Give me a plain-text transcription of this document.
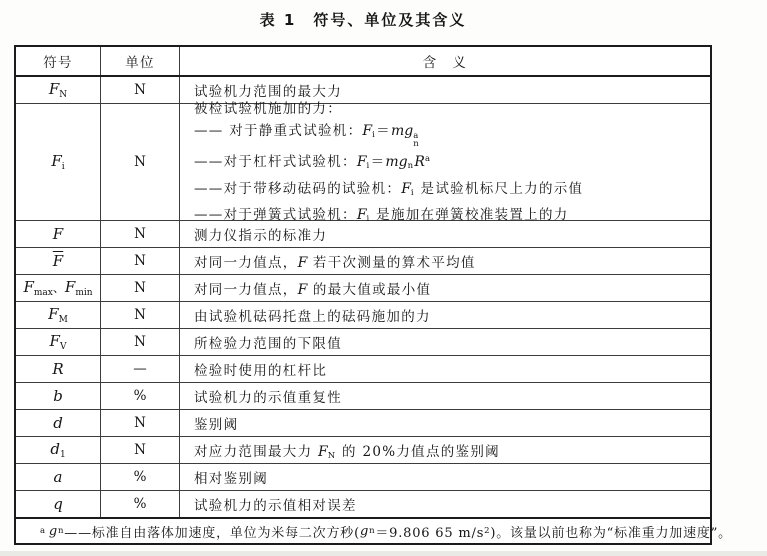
表 1　符号、单位及其含义
符号	单位	含　义
$F_N$	N	试验机力范围的最大力
$F_i$	N
被检试验机施加的力：
—— 对于静重式试验机：$F_i=mg$ a
n
——对于杠杆式试验机：$F_i=mg_nR^a$
——对于带移动砝码的试验机：$F_i$ 是试验机标尺上力的示值
——对于弹簧式试验机：$F_i$ 是施加在弹簧校准装置上的力
F	N	测力仪指示的标准力
$\overline{F}$	N	对同一力值点，F 若干次测量的算术平均值
$F_{max}$、$F_{min}$	N	对同一力值点，F 的最大值或最小值
$F_M$	N	由试验机砝码托盘上的砝码施加的力
$F_V$	N	所检验力范围的下限值
R	—	检验时使用的杠杆比
b	%	试验机力的示值重复性
d	N	鉴别阈
$d_1$	N	对应力范围最大力 $F_N$ 的 20%力值点的鉴别阈
a	%	相对鉴别阈
q	%	试验机力的示值相对误差
a g n ——标准自由落体加速度，单位为米每二次方秒( g n ＝9.806 65 m/s 2 )。该量以前也称为“标准重力加速度”。
